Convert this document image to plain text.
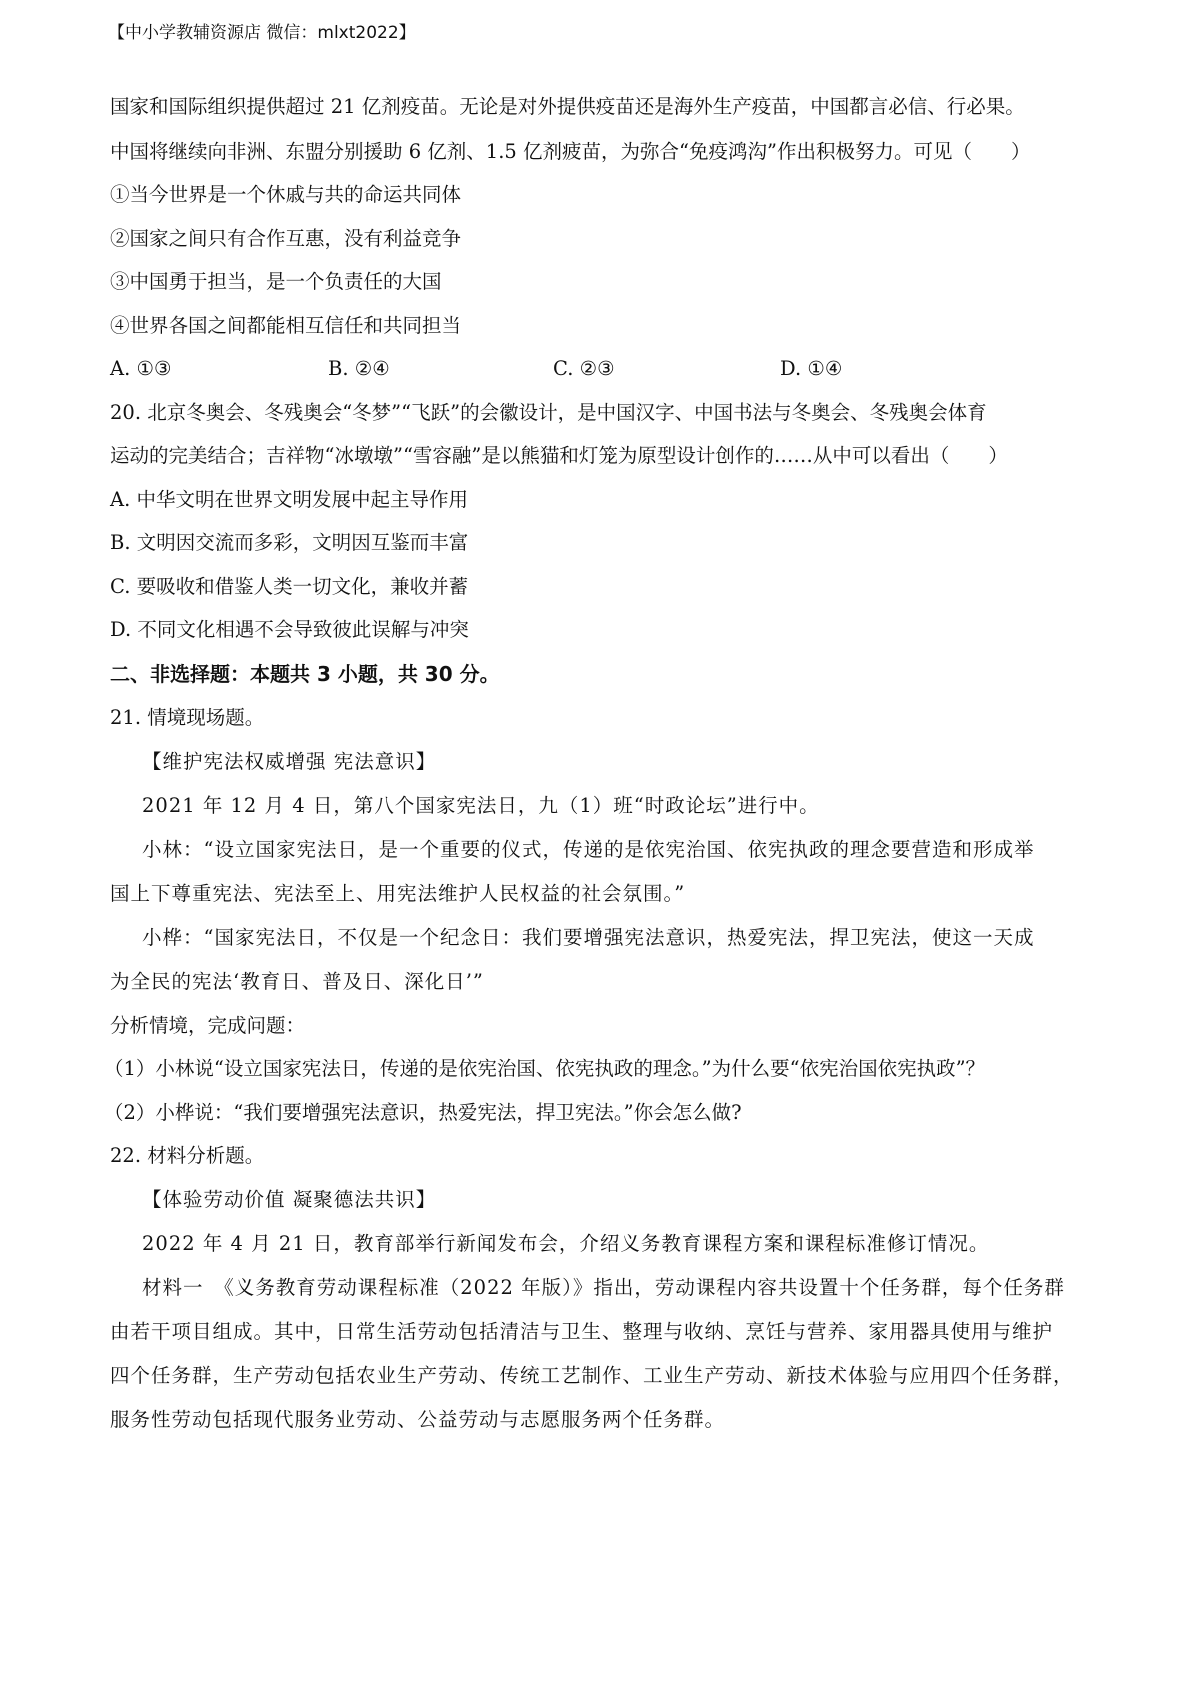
【中小学教辅资源店 微信：mlxt2022】
国家和国际组织提供超过 21 亿剂疫苗。无论是对外提供疫苗还是海外生产疫苗，中国都言必信、行必果。
中国将继续向非洲、东盟分别援助 6 亿剂、1.5 亿剂疲苗，为弥合“免疫鸿沟”作出积极努力。可见（　　）
①当今世界是一个休戚与共的命运共同体
②国家之间只有合作互惠，没有利益竞争
③中国勇于担当，是一个负责任的大国
④世界各国之间都能相互信任和共同担当
A. ①③	B. ②④	C. ②③	D. ①④
20. 北京冬奥会、冬残奥会“冬梦”“飞跃”的会徽设计，是中国汉字、中国书法与冬奥会、冬残奥会体育
运动的完美结合；吉祥物“冰墩墩”“雪容融”是以熊猫和灯笼为原型设计创作的……从中可以看出（　　）
A. 中华文明在世界文明发展中起主导作用
B. 文明因交流而多彩，文明因互鉴而丰富
C. 要吸收和借鉴人类一切文化，兼收并蓄
D. 不同文化相遇不会导致彼此误解与冲突
二、非选择题：本题共 3 小题，共 30 分。
21. 情境现场题。
【维护宪法权威增强 宪法意识】
2021 年 12 月 4 日，第八个国家宪法日，九（1）班“时政论坛”进行中。
小林：“设立国家宪法日，是一个重要的仪式，传递的是依宪治国、依宪执政的理念要营造和形成举
国上下尊重宪法、宪法至上、用宪法维护人民权益的社会氛围。”
小桦：“国家宪法日，不仅是一个纪念日：我们要增强宪法意识，热爱宪法，捍卫宪法，使这一天成
为全民的宪法‘教育日、普及日、深化日’”
分析情境，完成问题：
（1）小林说“设立国家宪法日，传递的是依宪治国、依宪执政的理念。”为什么要“依宪治国依宪执政”？
（2）小桦说：“我们要增强宪法意识，热爱宪法，捍卫宪法。”你会怎么做?
22. 材料分析题。
【体验劳动价值 凝聚德法共识】
2022 年 4 月 21 日，教育部举行新闻发布会，介绍义务教育课程方案和课程标准修订情况。
材料一　《义务教育劳动课程标准（2022 年版）》指出，劳动课程内容共设置十个任务群，每个任务群
由若干项目组成。其中，日常生活劳动包括清洁与卫生、整理与收纳、烹饪与营养、家用器具使用与维护
四个任务群，生产劳动包括农业生产劳动、传统工艺制作、工业生产劳动、新技术体验与应用四个任务群，
服务性劳动包括现代服务业劳动、公益劳动与志愿服务两个任务群。
